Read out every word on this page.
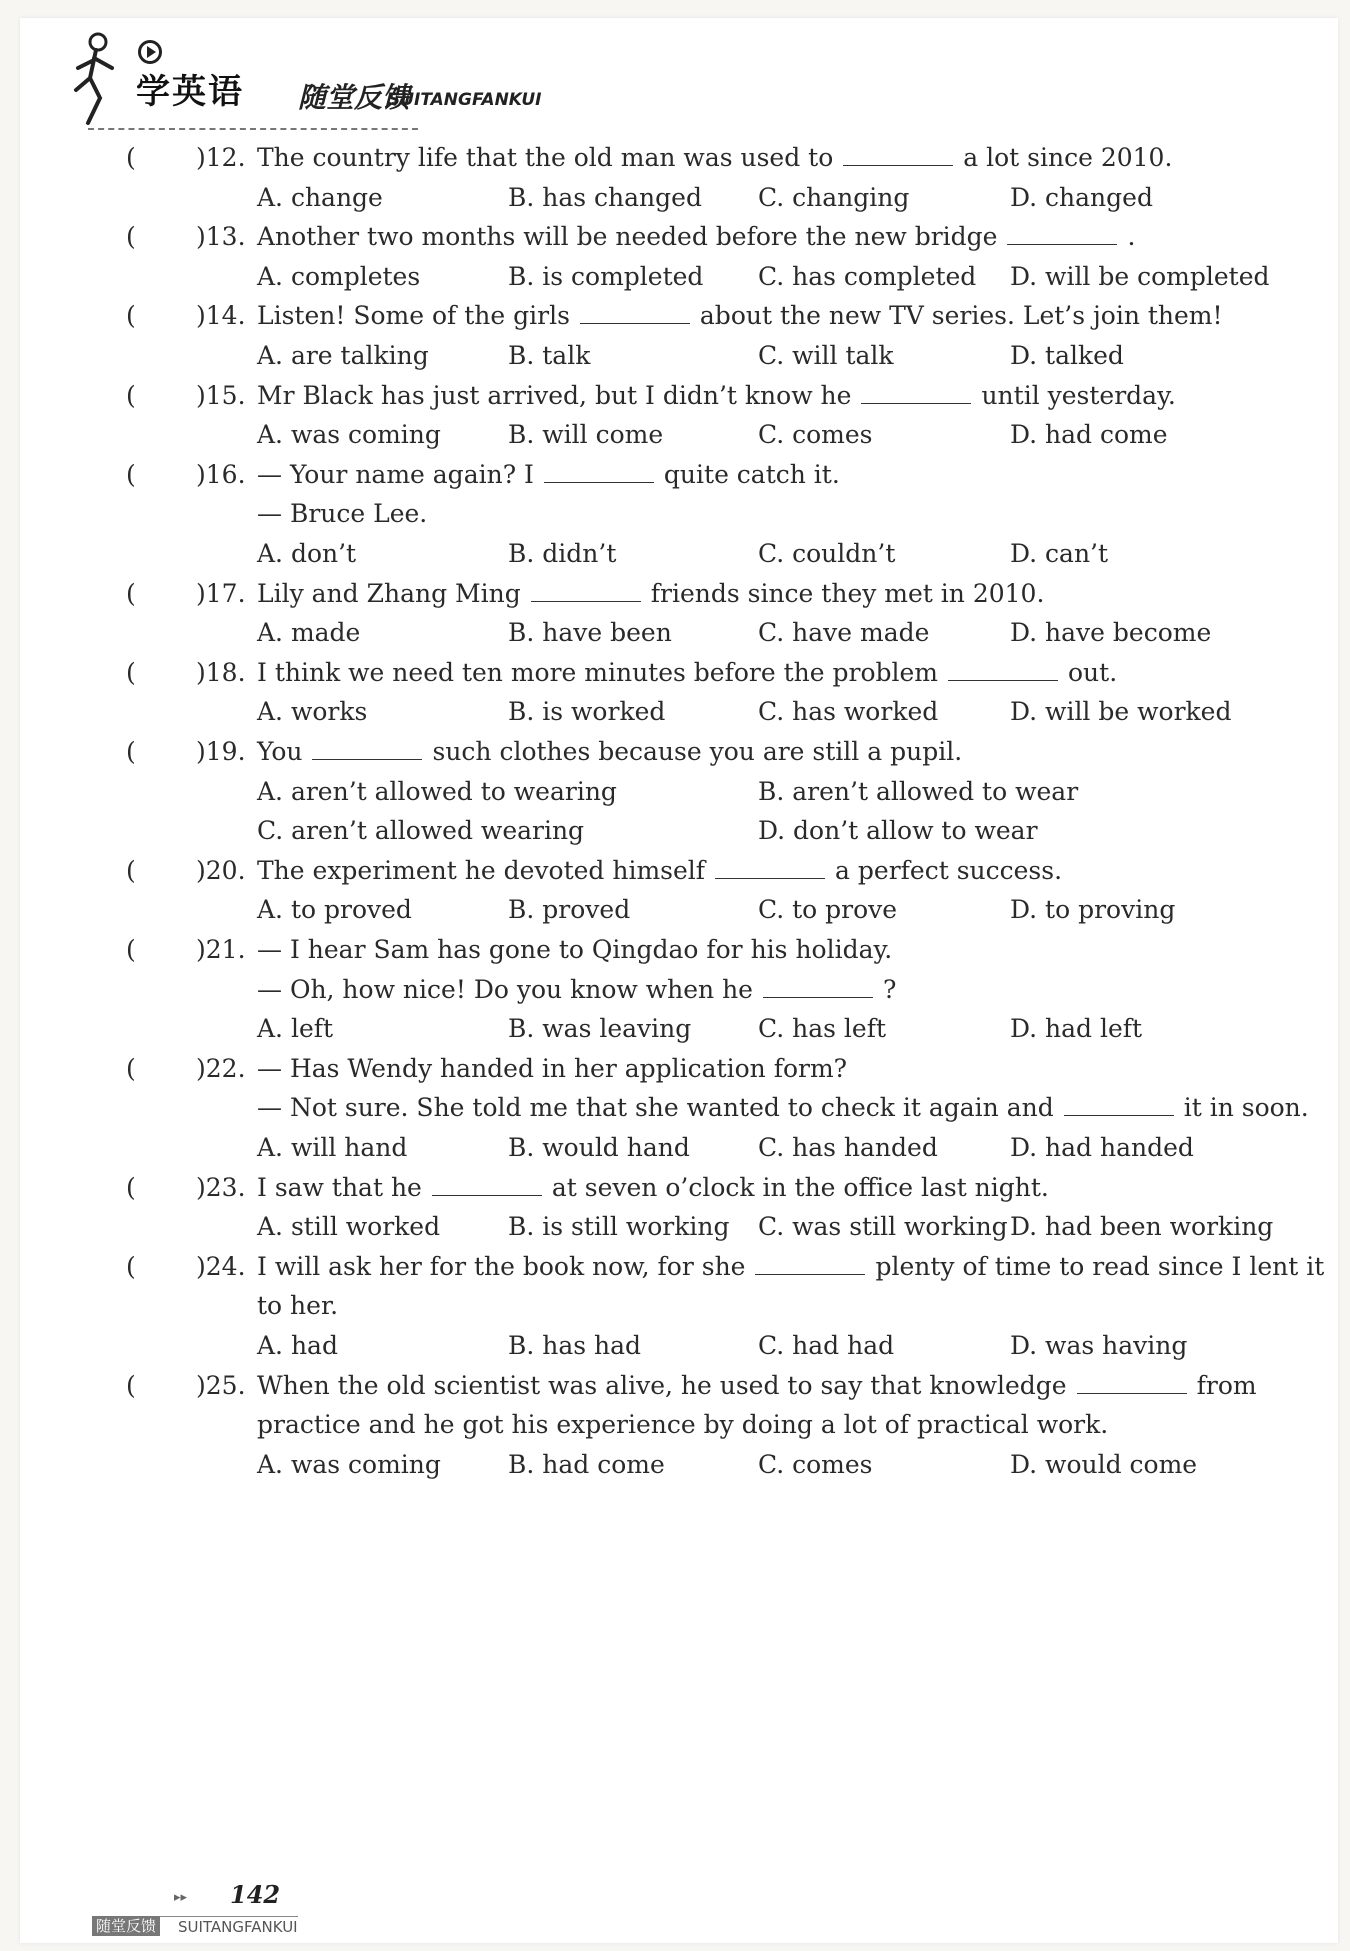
学英语 随堂反馈
SUITANGFANKUI
( )12. The country life that the old man was used to	a lot since 2010.
A. change	B. has changed C. changing	D. changed
( )13. Another two months will be needed before the new bridge	.
A. completes	B. is completed C. has completed D. will be completed
( )14. Listen! Some of the girls	about the new TV series. Let’s join them!
A. are talking	B. talk	C. will talk	D. talked
( )15. Mr Black has just arrived, but I didn’t know he	until yesterday.
A. was coming	B. will come	C. comes	D. had come
( )16. — Your name again? I	quite catch it.
— Bruce Lee.
A. don’t	B. didn’t	C. couldn’t	D. can’t
( )17. Lily and Zhang Ming	friends since they met in 2010.
A. made	B. have been	C. have made	D. have become
( )18. I think we need ten more minutes before the problem	out.
A. works	B. is worked	C. has worked	D. will be worked
( )19. You	such clothes because you are still a pupil.
A. aren’t allowed to wearing	B. aren’t allowed to wear
C. aren’t allowed wearing	D. don’t allow to wear
( )20. The experiment he devoted himself	a perfect success.
A. to proved	B. proved	C. to prove	D. to proving
( )21. — I hear Sam has gone to Qingdao for his holiday.
— Oh, how nice! Do you know when he	?
A. left	B. was leaving	C. has left	D. had left
( )22. — Has Wendy handed in her application form?
— Not sure. She told me that she wanted to check it again and	it in soon.
A. will hand	B. would hand	C. has handed	D. had handed
( )23. I saw that he	at seven o’clock in the office last night.
A. still worked	B. is still working C. was still working D. had been working
( )24. I will ask her for the book now, for she	plenty of time to read since I lent it
to her.
A. had	B. has had	C. had had	D. was having
( )25. When the old scientist was alive, he used to say that knowledge	from
practice and he got his experience by doing a lot of practical work.
A. was coming	B. had come	C. comes	D. would come
▸▸ 142
随堂反馈 SUITANGFANKUI
